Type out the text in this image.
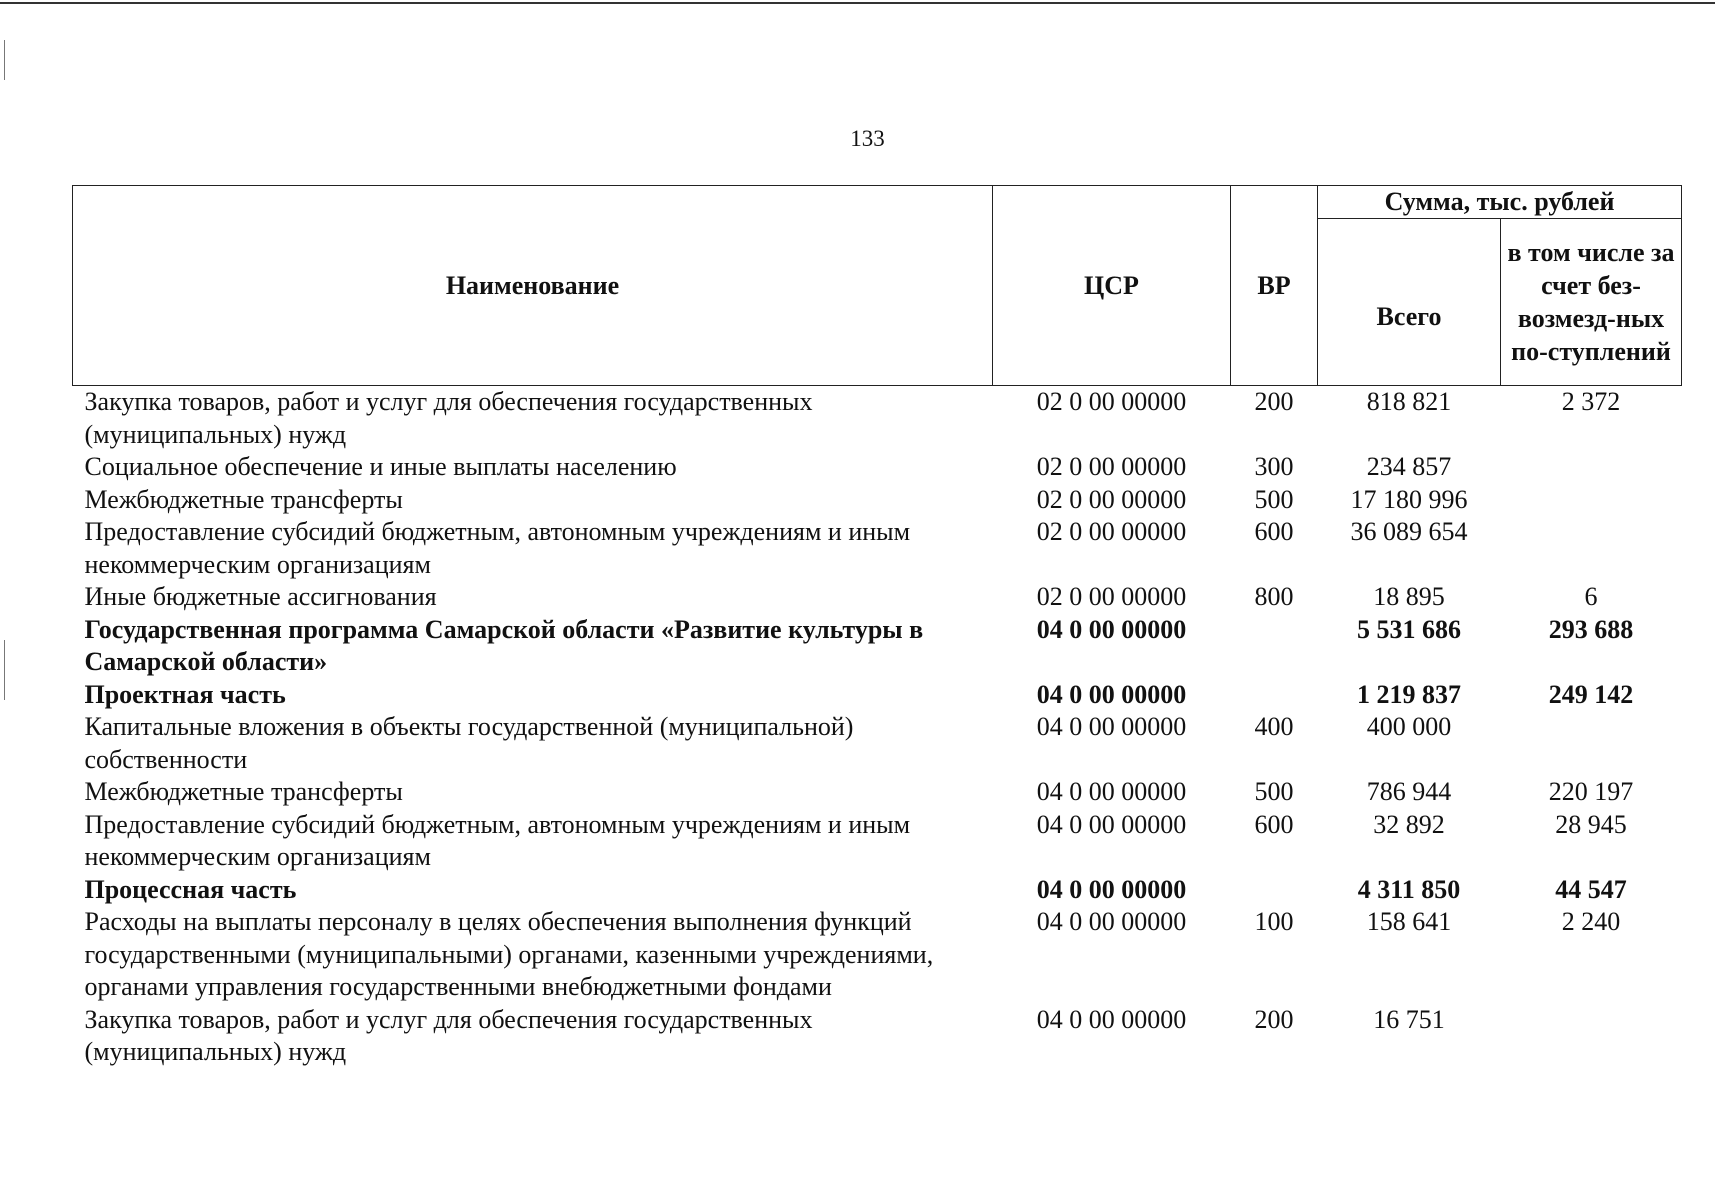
133
Наименование	ЦСР	ВР	Сумма, тыс. рублей	
			Всего	в том числе за счет без-возмезд-ных по-ступлений
Закупка товаров, работ и услуг для обеспечения государственных (муниципальных) нужд	02 0 00 00000	200	818 821	2 372
Социальное обеспечение и иные выплаты населению	02 0 00 00000	300	234 857	
Межбюджетные трансферты	02 0 00 00000	500	17 180 996	
Предоставление субсидий бюджетным, автономным учреждениям и иным некоммерческим организациям	02 0 00 00000	600	36 089 654	
Иные бюджетные ассигнования	02 0 00 00000	800	18 895	6
Государственная программа Самарской области «Развитие культуры в Самарской области»	04 0 00 00000		5 531 686	293 688
Проектная часть	04 0 00 00000		1 219 837	249 142
Капитальные вложения в объекты государственной (муниципальной) собственности	04 0 00 00000	400	400 000	
Межбюджетные трансферты	04 0 00 00000	500	786 944	220 197
Предоставление субсидий бюджетным, автономным учреждениям и иным некоммерческим организациям	04 0 00 00000	600	32 892	28 945
Процессная часть	04 0 00 00000		4 311 850	44 547
Расходы на выплаты персоналу в целях обеспечения выполнения функций государственными (муниципальными) органами, казенными учреждениями, органами управления государственными внебюджетными фондами	04 0 00 00000	100	158 641	2 240
Закупка товаров, работ и услуг для обеспечения государственных (муниципальных) нужд	04 0 00 00000	200	16 751	
